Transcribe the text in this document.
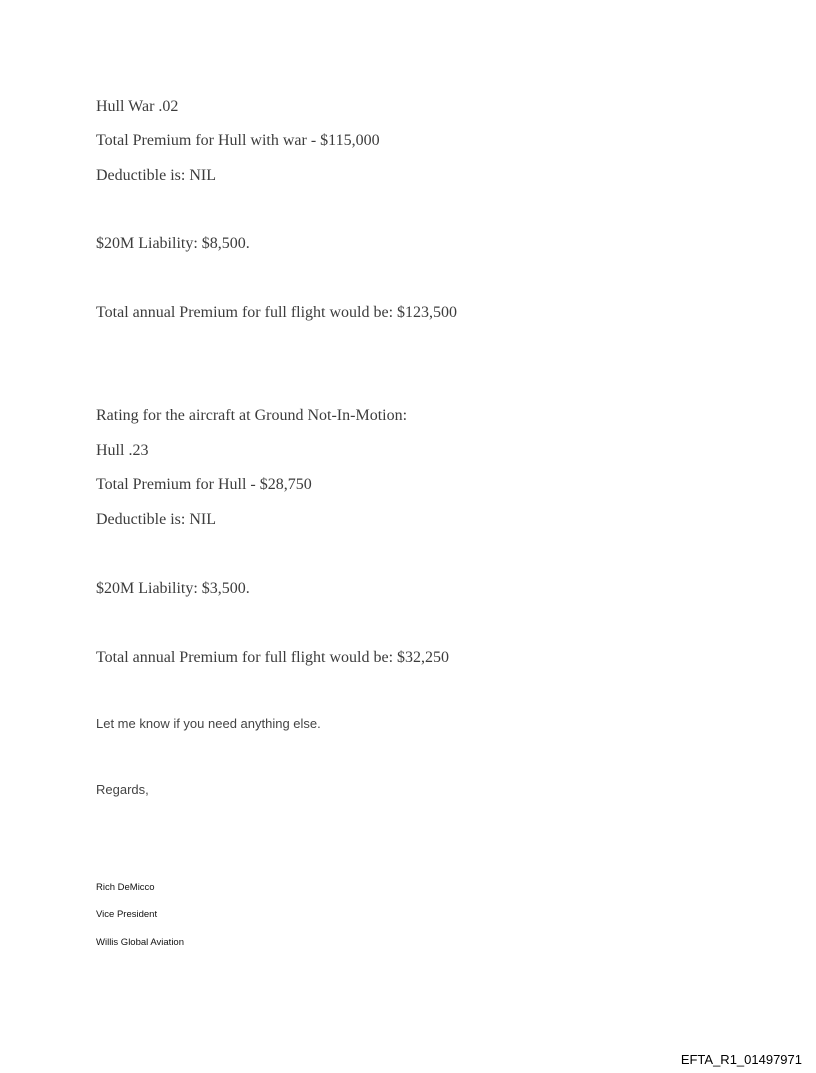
Hull War .02
Total Premium for Hull with war - $115,000
Deductible is: NIL
$20M Liability: $8,500.
Total annual Premium for full flight would be: $123,500
Rating for the aircraft at Ground Not-In-Motion:
Hull .23
Total Premium for Hull - $28,750
Deductible is: NIL
$20M Liability: $3,500.
Total annual Premium for full flight would be: $32,250
Let me know if you need anything else.
Regards,
Rich DeMicco
Vice President
Willis Global Aviation
EFTA_R1_01497971
